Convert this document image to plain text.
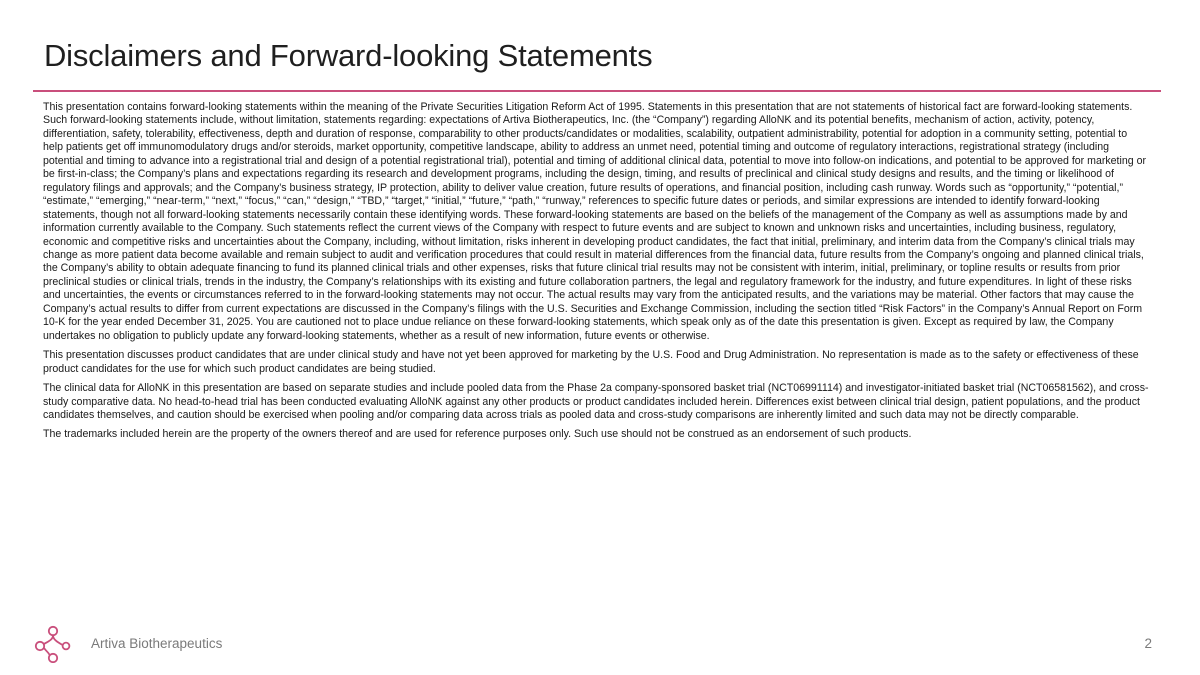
Disclaimers and Forward-looking Statements

This presentation contains forward-looking statements within the meaning of the Private Securities Litigation Reform Act of 1995. Statements in this presentation that are not statements of historical fact are forward-looking statements. Such forward-looking statements include, without limitation, statements regarding: expectations of Artiva Biotherapeutics, Inc. (the “Company”) regarding AlloNK and its potential benefits, mechanism of action, activity, potency, differentiation, safety, tolerability, effectiveness, depth and duration of response, comparability to other products/candidates or modalities, scalability, outpatient administrability, potential for adoption in a community setting, potential to help patients get off immunomodulatory drugs and/or steroids, market opportunity, competitive landscape, ability to address an unmet need, potential timing and outcome of regulatory interactions, registrational strategy (including potential and timing to advance into a registrational trial and design of a potential registrational trial), potential and timing of additional clinical data, potential to move into follow-on indications, and potential to be approved for marketing or be first-in-class; the Company’s plans and expectations regarding its research and development programs, including the design, timing, and results of preclinical and clinical study designs and results, and the timing or likelihood of regulatory filings and approvals; and the Company’s business strategy, IP protection, ability to deliver value creation, future results of operations, and financial position, including cash runway. Words such as “opportunity,” “potential,” “estimate,” “emerging,” “near-term,” “next,” “focus,” “can,” “design,” “TBD,” “target,” “initial,” “future,” “path,” “runway,” references to specific future dates or periods, and similar expressions are intended to identify forward-looking statements, though not all forward-looking statements necessarily contain these identifying words. These forward-looking statements are based on the beliefs of the management of the Company as well as assumptions made by and information currently available to the Company. Such statements reflect the current views of the Company with respect to future events and are subject to known and unknown risks and uncertainties, including business, regulatory, economic and competitive risks and uncertainties about the Company, including, without limitation, risks inherent in developing product candidates, the fact that initial, preliminary, and interim data from the Company’s clinical trials may change as more patient data become available and remain subject to audit and verification procedures that could result in material differences from the financial data, future results from the Company’s ongoing and planned clinical trials, the Company’s ability to obtain adequate financing to fund its planned clinical trials and other expenses, risks that future clinical trial results may not be consistent with interim, initial, preliminary, or topline results or results from prior preclinical studies or clinical trials, trends in the industry, the Company’s relationships with its existing and future collaboration partners, the legal and regulatory framework for the industry, and future expenditures. In light of these risks and uncertainties, the events or circumstances referred to in the forward-looking statements may not occur. The actual results may vary from the anticipated results, and the variations may be material. Other factors that may cause the Company’s actual results to differ from current expectations are discussed in the Company’s filings with the U.S. Securities and Exchange Commission, including the section titled “Risk Factors” in the Company’s Annual Report on Form 10-K for the year ended December 31, 2025. You are cautioned not to place undue reliance on these forward-looking statements, which speak only as of the date this presentation is given. Except as required by law, the Company undertakes no obligation to publicly update any forward-looking statements, whether as a result of new information, future events or otherwise.

This presentation discusses product candidates that are under clinical study and have not yet been approved for marketing by the U.S. Food and Drug Administration. No representation is made as to the safety or effectiveness of these product candidates for the use for which such product candidates are being studied.

The clinical data for AlloNK in this presentation are based on separate studies and include pooled data from the Phase 2a company-sponsored basket trial (NCT06991114) and investigator-initiated basket trial (NCT06581562), and cross-study comparative data. No head-to-head trial has been conducted evaluating AlloNK against any other products or product candidates included herein. Differences exist between clinical trial design, patient populations, and the product candidates themselves, and caution should be exercised when pooling and/or comparing data across trials as pooled data and cross-study comparisons are inherently limited and such data may not be directly comparable.

The trademarks included herein are the property of the owners thereof and are used for reference purposes only. Such use should not be construed as an endorsement of such products.

Artiva Biotherapeutics	2
